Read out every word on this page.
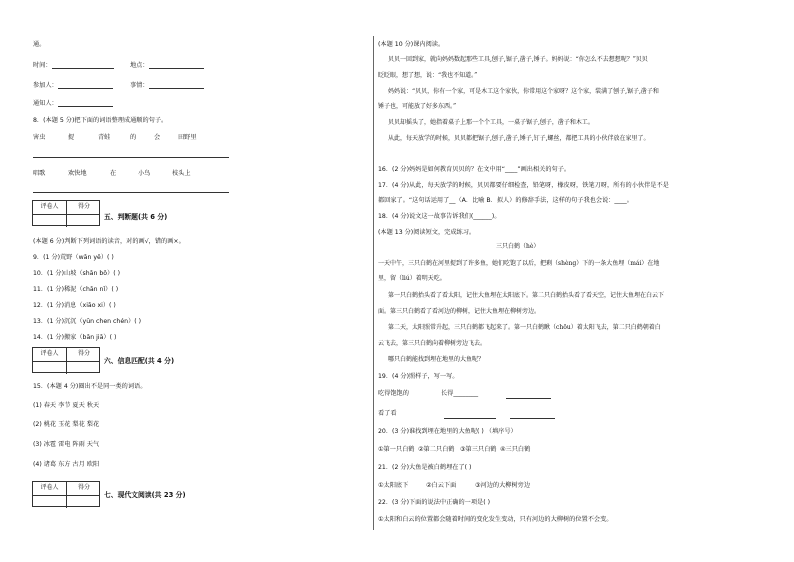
通。
时间：	地点：
参加人：	事情：
通知人：
8．(本题 5 分)把下面的词语整理成通顺的句子。
害虫	捉	青蛙	的	会	田野里
唱歌	欢快地	在	小鸟	枝头上
评卷人	得分
五、判断题(共 6 分)
(本题 6 分)判断下列词语的读音，对的画√，错的画×。
9．(1 分)荒野（wān yě）( )
10．(1 分)山坡（shān bō）( )
11．(1 分)稀泥（chān nǐ）( )
12．(1 分)消息（xiāo xi）( )
13．(1 分)沉沉（yūn chen chén）( )
14．(1 分)搬家（bān jiā）( )
评卷人	得分
六、信息匹配(共 4 分)
15．(本题 4 分)圈出不是同一类的词语。
(1) 春天 李节 夏天 秋天
(2) 桃花 玉花 梨花 梨花
(3) 冰雹 雷电 阵雨 天气
(4) 诸葛 东方 古月 欧阳
评卷人	得分
七、现代文阅读(共 23 分)
(本题 10 分)课内阅读。
贝贝一回到家，就向妈妈数起那些工具,刨子,锯子,凿子,锤子。妈妈说：“你怎么不去想想呢？”贝贝
眨眨眼，想了想，说：“我也不知道。”
妈妈说：“贝贝，你有一个家，可是木工这个家伙，你常用这个家呀？这个家，装满了刨子,锯子,凿子和
锤子也，可能放了好多东西。”
贝贝却摇头了，她指着桌子上那一个个工具，一桌子锯子,刨子，凿子和木工。
从此，每天放学的时候，贝贝都把锯子,刨子,凿子,锤子,钉子,螺丝，都把工具的小伙伴放在家里了。
16．(2 分)妈妈是如何教育贝贝的？在文中用“____”画出相关的句子。
17．(4 分)从此，每天放学的时候，贝贝都要仔细检查，铅笔呀，橡皮呀，铁笔刀呀，所有的小伙伴是不是
都回家了。“这句话运用了__（A．比喻 B．拟人）的修辞手法，这样的句子我也会说：____。
18．(4 分)说文这一故事告诉我们(______)。
(本题 13 分)阅读短文，完成练习。
三只白鹤（hè）
一天中午，三只白鹤在河里捉到了许多鱼，她们吃饱了以后，把剩（shèng）下的一条大鱼埋（mái）在地
里，留（liú）着明天吃。
第一只白鹤抬头看了看太阳，记住大鱼埋在太阳底下。第二只白鹤抬头看了看天空，记住大鱼埋在白云下
面。第三只白鹤看了看河边的柳树，记住大鱼埋在柳树旁边。
第二天，太阳照常升起，三只白鹤都飞起来了。第一只白鹤瞅（chōu）着太阳飞去，第二只白鹤朝着白
云飞去，第三只白鹤向着柳树旁边飞去。
哪只白鹤能找到埋在地里的大鱼呢？
19．(4 分)照样子，写一写。
吃得饱饱的	长得________
看了看
20．(3 分)谁找到埋在地里的大鱼呢( ) （填序号）
①第一只白鹤 ②第二只白鹤 ③第三只白鹤 ④三只白鹤
21．(2 分)大鱼是被白鹤埋在了( )
①太阳底下	②白云下面	③河边的大柳树旁边
22．(3 分)下面的说法中正确的一项是( )
①太阳和白云的位置都会随着时间的变化发生变动，只有河边的大柳树的位置不会变。
